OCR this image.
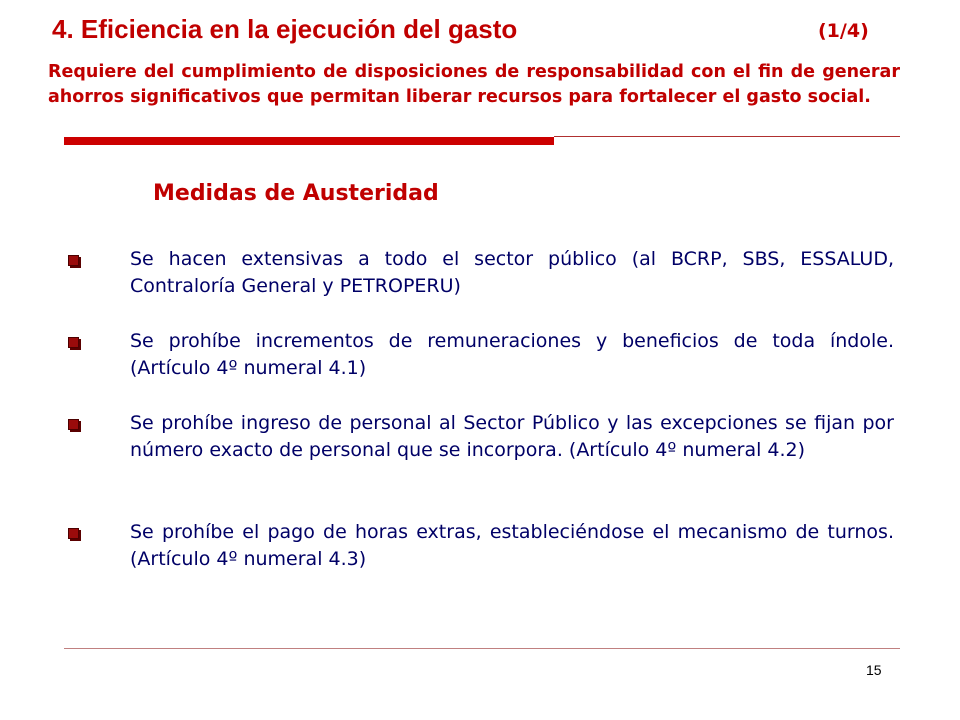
4. Eficiencia en la ejecución del gasto	(1/4)
Requiere del cumplimiento de disposiciones de responsabilidad con el fin de generar ahorros significativos que permitan liberar recursos para fortalecer el gasto social.
Medidas de Austeridad
Se hacen extensivas a todo el sector público (al BCRP, SBS, ESSALUD, Contraloría General y PETROPERU)
Se prohíbe incrementos de remuneraciones y beneficios de toda índole. (Artículo 4º numeral 4.1)
Se prohíbe ingreso de personal al Sector Público y las excepciones se fijan por número exacto de personal que se incorpora. (Artículo 4º numeral 4.2)
Se prohíbe el pago de horas extras, estableciéndose el mecanismo de turnos. (Artículo 4º numeral 4.3)
15
